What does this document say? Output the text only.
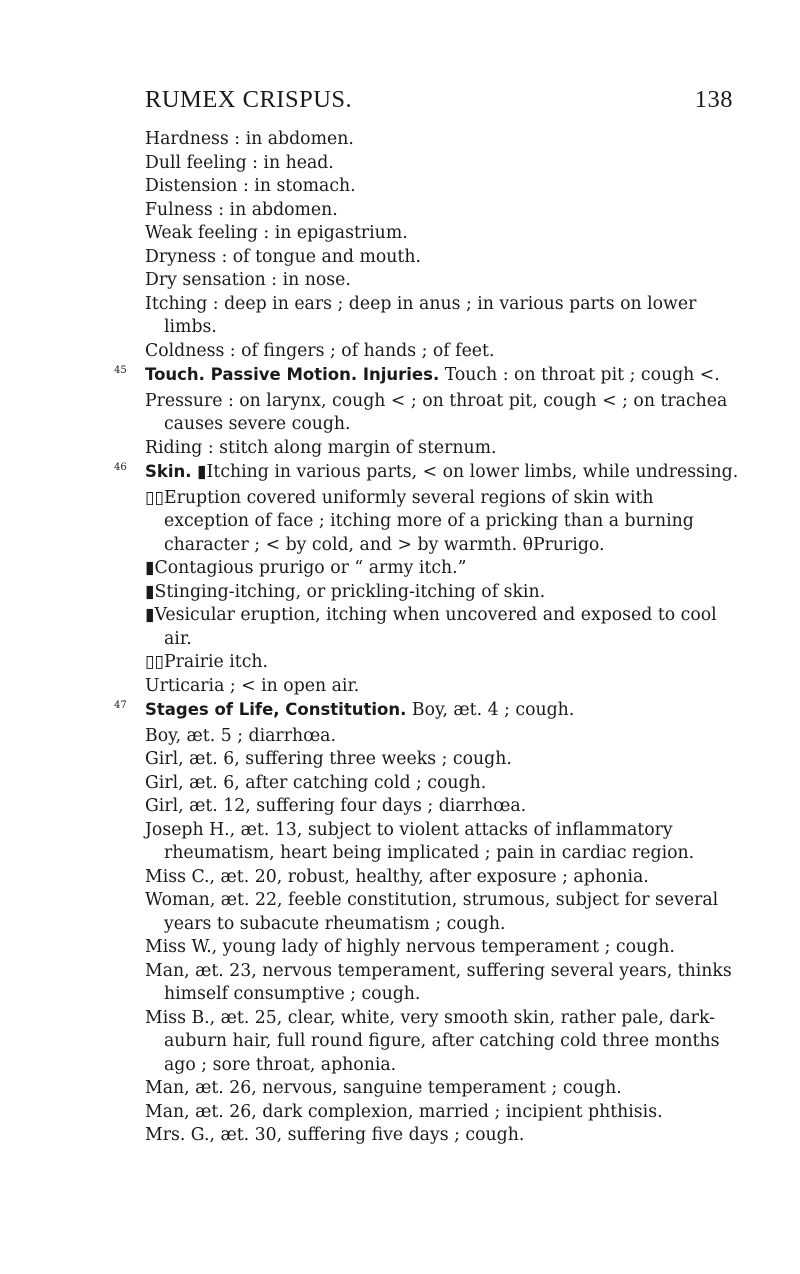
RUMEX CRISPUS.	138

Hardness : in abdomen.

Dull feeling : in head.

Distension : in stomach.

Fulness : in abdomen.

Weak feeling : in epigastrium.

Dryness : of tongue and mouth.

Dry sensation : in nose.

Itching : deep in ears ; deep in anus ; in various parts on lower limbs.

Coldness : of fingers ; of hands ; of feet.

45 Touch. Passive Motion. Injuries. Touch : on throat pit ; cough <.

Pressure : on larynx, cough < ; on throat pit, cough < ; on trachea causes severe cough.

Riding : stitch along margin of sternum.

46 Skin. ▮Itching in various parts, < on lower limbs, while undressing.

▯▯Eruption covered uniformly several regions of skin with exception of face ; itching more of a pricking than a burning character ; < by cold, and > by warmth. θPrurigo.

▮Contagious prurigo or “ army itch.”

▮Stinging-itching, or prickling-itching of skin.

▮Vesicular eruption, itching when uncovered and exposed to cool air.

▯▯Prairie itch.

Urticaria ; < in open air.

47 Stages of Life, Constitution. Boy, æt. 4 ; cough.

Boy, æt. 5 ; diarrhœa.

Girl, æt. 6, suffering three weeks ; cough.

Girl, æt. 6, after catching cold ; cough.

Girl, æt. 12, suffering four days ; diarrhœa.

Joseph H., æt. 13, subject to violent attacks of inflammatory rheumatism, heart being implicated ; pain in cardiac region.

Miss C., æt. 20, robust, healthy, after exposure ; aphonia.

Woman, æt. 22, feeble constitution, strumous, subject for several years to subacute rheumatism ; cough.

Miss W., young lady of highly nervous temperament ; cough.

Man, æt. 23, nervous temperament, suffering several years, thinks himself consumptive ; cough.

Miss B., æt. 25, clear, white, very smooth skin, rather pale, dark-auburn hair, full round figure, after catching cold three months ago ; sore throat, aphonia.

Man, æt. 26, nervous, sanguine temperament ; cough.

Man, æt. 26, dark complexion, married ; incipient phthisis.

Mrs. G., æt. 30, suffering five days ; cough.
